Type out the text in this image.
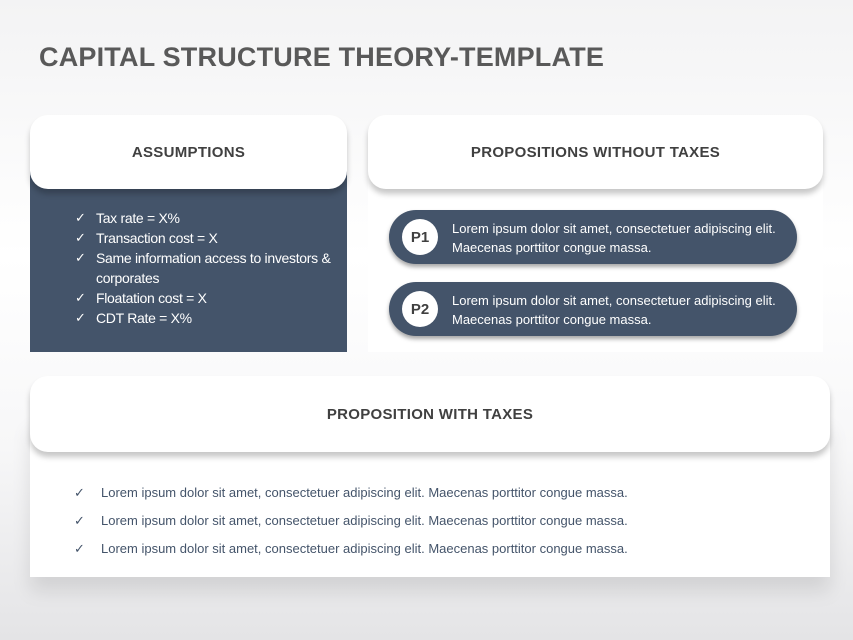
CAPITAL STRUCTURE THEORY-TEMPLATE
✓ Tax rate = X%
✓ Transaction cost = X
✓ Same information access to investors & corporates
✓ Floatation cost = X
✓ CDT Rate = X%
ASSUMPTIONS
P1	Lorem ipsum dolor sit amet, consectetuer adipiscing elit. Maecenas porttitor congue massa.
P2	Lorem ipsum dolor sit amet, consectetuer adipiscing elit. Maecenas porttitor congue massa.
PROPOSITIONS WITHOUT TAXES
✓ Lorem ipsum dolor sit amet, consectetuer adipiscing elit. Maecenas porttitor congue massa.
✓ Lorem ipsum dolor sit amet, consectetuer adipiscing elit. Maecenas porttitor congue massa.
✓ Lorem ipsum dolor sit amet, consectetuer adipiscing elit. Maecenas porttitor congue massa.
PROPOSITION WITH TAXES
